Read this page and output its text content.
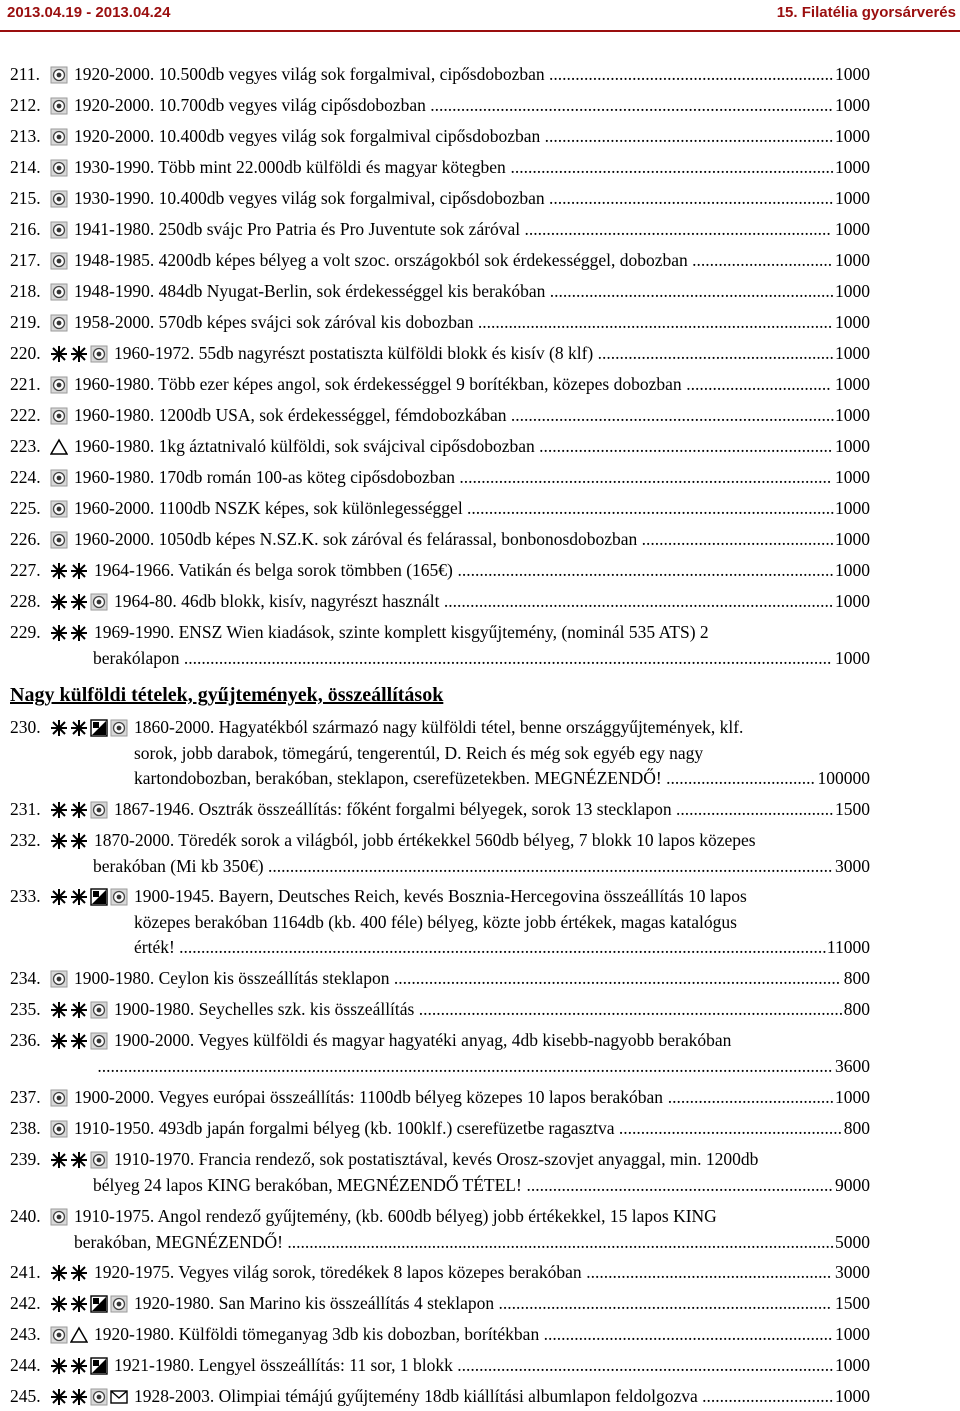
2013.04.19 - 2013.04.24	15. Filatélia gyorsárverés
211. 1920-2000. 10.500db vegyes világ sok forgalmival, cipősdobozban ................................................................. 1000
212. 1920-2000. 10.700db vegyes világ cipősdobozban ............................................................................................ 1000
213. 1920-2000. 10.400db vegyes világ sok forgalmival cipősdobozban .................................................................. 1000
214. 1930-1990. Több mint 22.000db külföldi és magyar kötegben .......................................................................... 1000
215. 1930-1990. 10.400db vegyes világ sok forgalmival, cipősdobozban ................................................................. 1000
216. 1941-1980. 250db svájc Pro Patria és Pro Juventute sok záróval ...................................................................... 1000
217. 1948-1985. 4200db képes bélyeg a volt szoc. országokból sok érdekességgel, dobozban ................................ 1000
218. 1948-1990. 484db Nyugat-Berlin, sok érdekességgel kis berakóban ................................................................. 1000
219. 1958-2000. 570db képes svájci sok záróval kis dobozban ................................................................................. 1000
220.	1960-1972. 55db nagyrészt postatiszta külföldi blokk és kisív (8 klf) ...................................................... 1000
221. 1960-1980. Több ezer képes angol, sok érdekességgel 9 borítékban, közepes dobozban ................................. 1000
222. 1960-1980. 1200db USA, sok érdekességgel, fémdobozkában .......................................................................... 1000
223. 1960-1980. 1kg áztatnivaló külföldi, sok svájcival cipősdobozban ................................................................... 1000
224. 1960-1980. 170db román 100-as köteg cipősdobozban ..................................................................................... 1000
225. 1960-2000. 1100db NSZK képes, sok különlegességgel .................................................................................... 1000
226. 1960-2000. 1050db képes N.SZ.K. sok záróval és felárassal, bonbonosdobozban ............................................ 1000
227.	1964-1966. Vatikán és belga sorok tömbben (165€) ...................................................................................... 1000
228.	1964-80. 46db blokk, kisív, nagyrészt használt ......................................................................................... 1000
229.	1969-1990. ENSZ Wien kiadások, szinte komplett kisgyűjtemény, (nominál 535 ATS) 2
berakólapon .................................................................................................................................................... 1000
230.	1860-2000. Hagyatékból származó nagy külföldi tétel, benne országgyűjtemények, klf.
sorok, jobb darabok, tömegárú, tengerentúl, D. Reich és még sok egyéb egy nagy
kartondobozban, berakóban, steklapon, cserefüzetekben. MEGNÉZENDŐ! .................................. 100000
231.	1867-1946. Osztrák összeállítás: főként forgalmi bélyegek, sorok 13 stecklapon .................................... 1500
232.	1870-2000. Töredék sorok a világból, jobb értékekkel 560db bélyeg, 7 blokk 10 lapos közepes
berakóban (Mi kb 350€) ................................................................................................................................. 3000
233.	1900-1945. Bayern, Deutsches Reich, kevés Bosznia-Hercegovina összeállítás 10 lapos
közepes berakóban 1164db (kb. 400 féle) bélyeg, közte jobb értékek, magas katalógus
érték! .................................................................................................................................................... 11000
234. 1900-1980. Ceylon kis összeállítás steklapon ...................................................................................................... 800
235.	1900-1980. Seychelles szk. kis összeállítás ................................................................................................. 800
236.	1900-2000. Vegyes külföldi és magyar hagyatéki anyag, 4db kisebb-nagyobb berakóban
........................................................................................................................................................................ 3600
237. 1900-2000. Vegyes európai összeállítás: 1100db bélyeg közepes 10 lapos berakóban ...................................... 1000
238. 1910-1950. 493db japán forgalmi bélyeg (kb. 100klf.) cserefüzetbe ragasztva ................................................... 800
239.	1910-1970. Francia rendező, sok postatisztával, kevés Orosz-szovjet anyaggal, min. 1200db
bélyeg 24 lapos KING berakóban, MEGNÉZENDŐ TÉTEL! ...................................................................... 9000
240. 1910-1975. Angol rendező gyűjtemény, (kb. 600db bélyeg) jobb értékekkel, 15 lapos KING
berakóban, MEGNÉZENDŐ! ............................................................................................................................. 5000
241.	1920-1975. Vegyes világ sorok, töredékek 8 lapos közepes berakóban ........................................................ 3000
242.	1920-1980. San Marino kis összeállítás 4 steklapon ............................................................................ 1500
243.	1920-1980. Külföldi tömeganyag 3db kis dobozban, borítékban .................................................................. 1000
244.	1921-1980. Lengyel összeállítás: 11 sor, 1 blokk ...................................................................................... 1000
245.	1928-2003. Olimpiai témájú gyűjtemény 18db kiállítási albumlapon feldolgozva .............................. 1000
Nagy külföldi tételek, gyűjtemények, összeállítások
